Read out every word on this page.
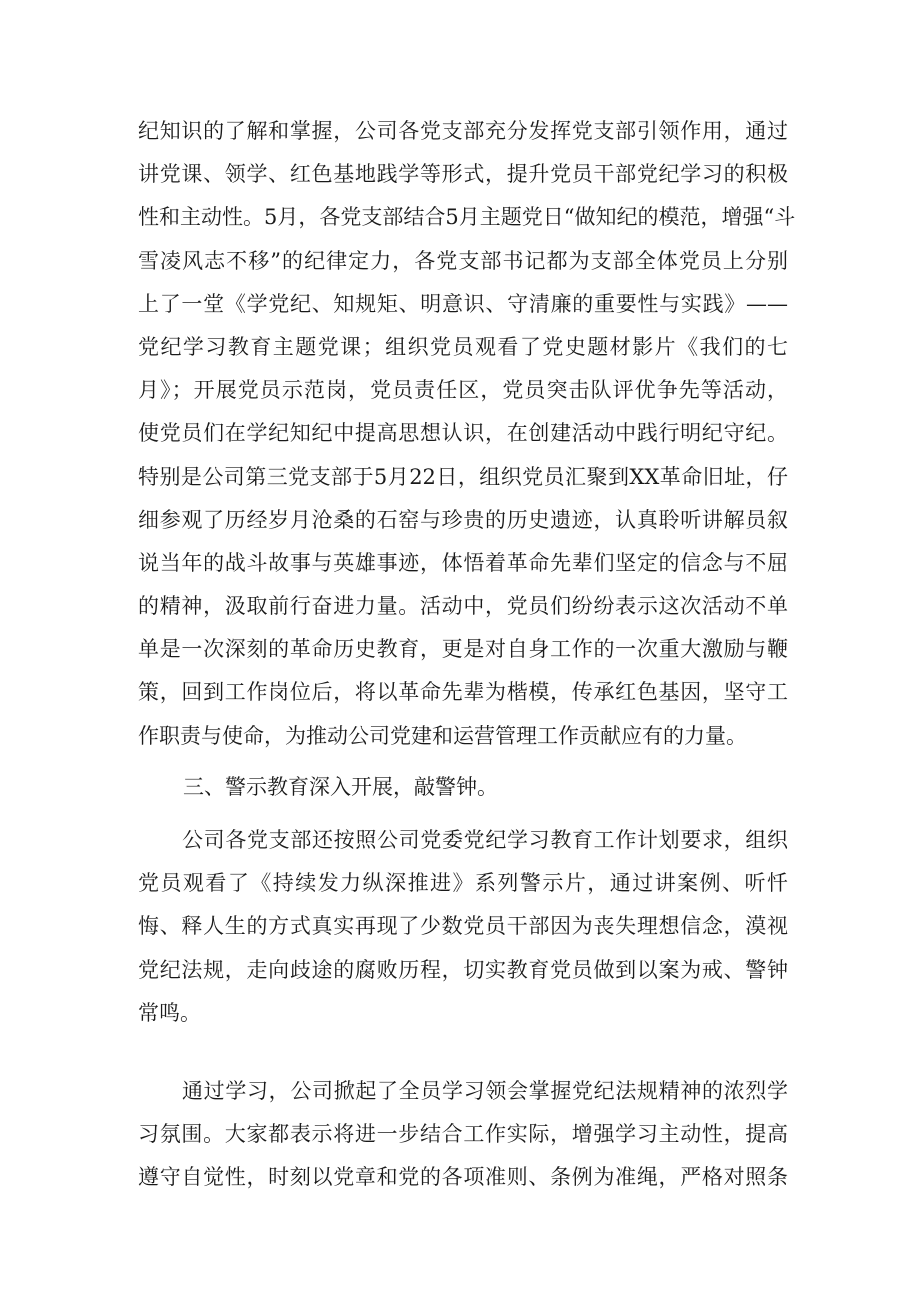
纪知识的了解和掌握，公司各党支部充分发挥党支部引领作用，通过
讲党课、领学、红色基地践学等形式，提升党员干部党纪学习的积极
性和主动性。5月，各党支部结合5月主题党日“做知纪的模范，增强“斗
雪凌风志不移”的纪律定力，各党支部书记都为支部全体党员上分别
上了一堂《学党纪、知规矩、明意识、守清廉的重要性与实践》——
党纪学习教育主题党课；组织党员观看了党史题材影片《我们的七
月》；开展党员示范岗，党员责任区，党员突击队评优争先等活动，
使党员们在学纪知纪中提高思想认识，在创建活动中践行明纪守纪。
特别是公司第三党支部于5月22日，组织党员汇聚到XX革命旧址，仔
细参观了历经岁月沧桑的石窑与珍贵的历史遗迹，认真聆听讲解员叙
说当年的战斗故事与英雄事迹，体悟着革命先辈们坚定的信念与不屈
的精神，汲取前行奋进力量。活动中，党员们纷纷表示这次活动不单
单是一次深刻的革命历史教育，更是对自身工作的一次重大激励与鞭
策，回到工作岗位后，将以革命先辈为楷模，传承红色基因，坚守工
作职责与使命，为推动公司党建和运营管理工作贡献应有的力量。
三、警示教育深入开展，敲警钟。
公司各党支部还按照公司党委党纪学习教育工作计划要求，组织
党员观看了《持续发力纵深推进》系列警示片，通过讲案例、听忏
悔、释人生的方式真实再现了少数党员干部因为丧失理想信念，漠视
党纪法规，走向歧途的腐败历程，切实教育党员做到以案为戒、警钟
常鸣。
通过学习，公司掀起了全员学习领会掌握党纪法规精神的浓烈学
习氛围。大家都表示将进一步结合工作实际，增强学习主动性，提高
遵守自觉性，时刻以党章和党的各项准则、条例为准绳，严格对照条
